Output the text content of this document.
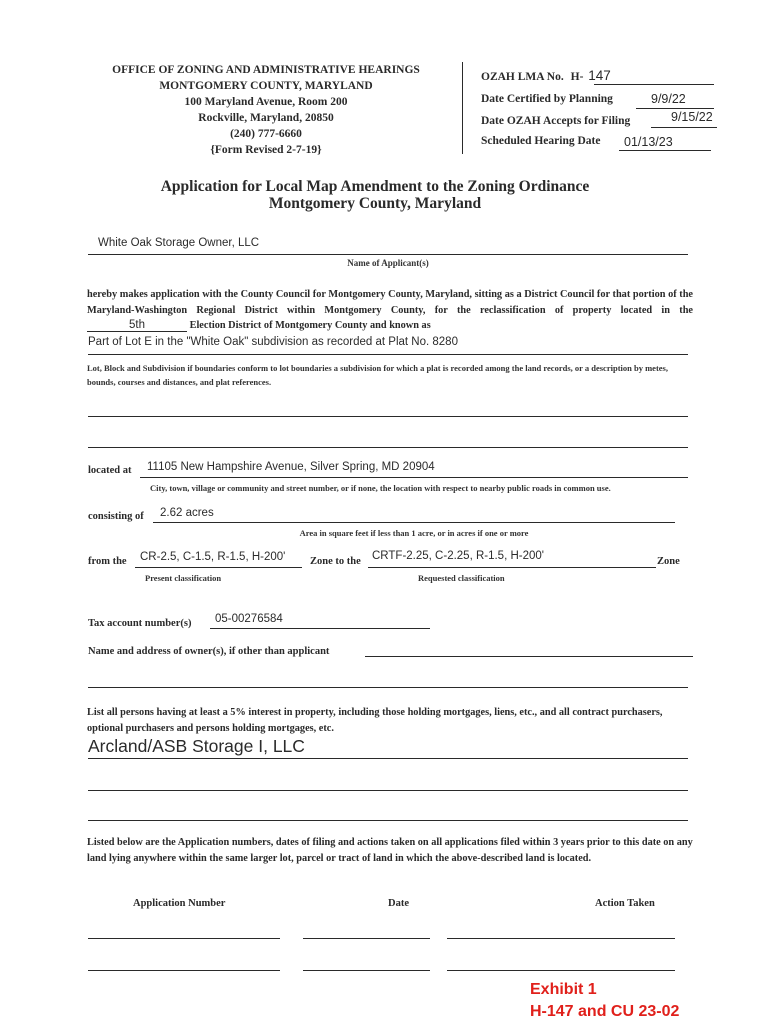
OFFICE OF ZONING AND ADMINISTRATIVE HEARINGS
MONTGOMERY COUNTY, MARYLAND
100 Maryland Avenue, Room 200
Rockville, Maryland, 20850
(240) 777-6660
{Form Revised 2-7-19}
OZAH LMA No. H- 147
Date Certified by Planning	9/9/22
Date OZAH Accepts for Filing	9/15/22
Scheduled Hearing Date 01/13/23
Application for Local Map Amendment to the Zoning Ordinance
Montgomery County, Maryland
White Oak Storage Owner, LLC
Name of Applicant(s)
hereby makes application with the County Council for Montgomery County, Maryland, sitting as a District Council for that portion of the Maryland-Washington Regional District within Montgomery County, for the reclassification of property located in the 5th	Election District of Montgomery County and known as
Part of Lot E in the "White Oak" subdivision as recorded at Plat No. 8280
Lot, Block and Subdivision if boundaries conform to lot boundaries a subdivision for which a plat is recorded among the land records, or a description by metes, bounds, courses and distances, and plat references.
located at 11105 New Hampshire Avenue, Silver Spring, MD 20904
City, town, village or community and street number, or if none, the location with respect to nearby public roads in common use.
consisting of 2.62 acres
Area in square feet if less than 1 acre, or in acres if one or more
from the CR-2.5, C-1.5, R-1.5, H-200'
Present classification
Zone to the CRTF-2.25, C-2.25, R-1.5, H-200'
Requested classification
Zone
Tax account number(s) 05-00276584
Name and address of owner(s), if other than applicant
List all persons having at least a 5% interest in property, including those holding mortgages, liens, etc., and all contract purchasers, optional purchasers and persons holding mortgages, etc.
Arcland/ASB Storage I, LLC
Listed below are the Application numbers, dates of filing and actions taken on all applications filed within 3 years prior to this date on any land lying anywhere within the same larger lot, parcel or tract of land in which the above-described land is located.
Application Number	Date	Action Taken
Exhibit 1
H-147 and CU 23-02
